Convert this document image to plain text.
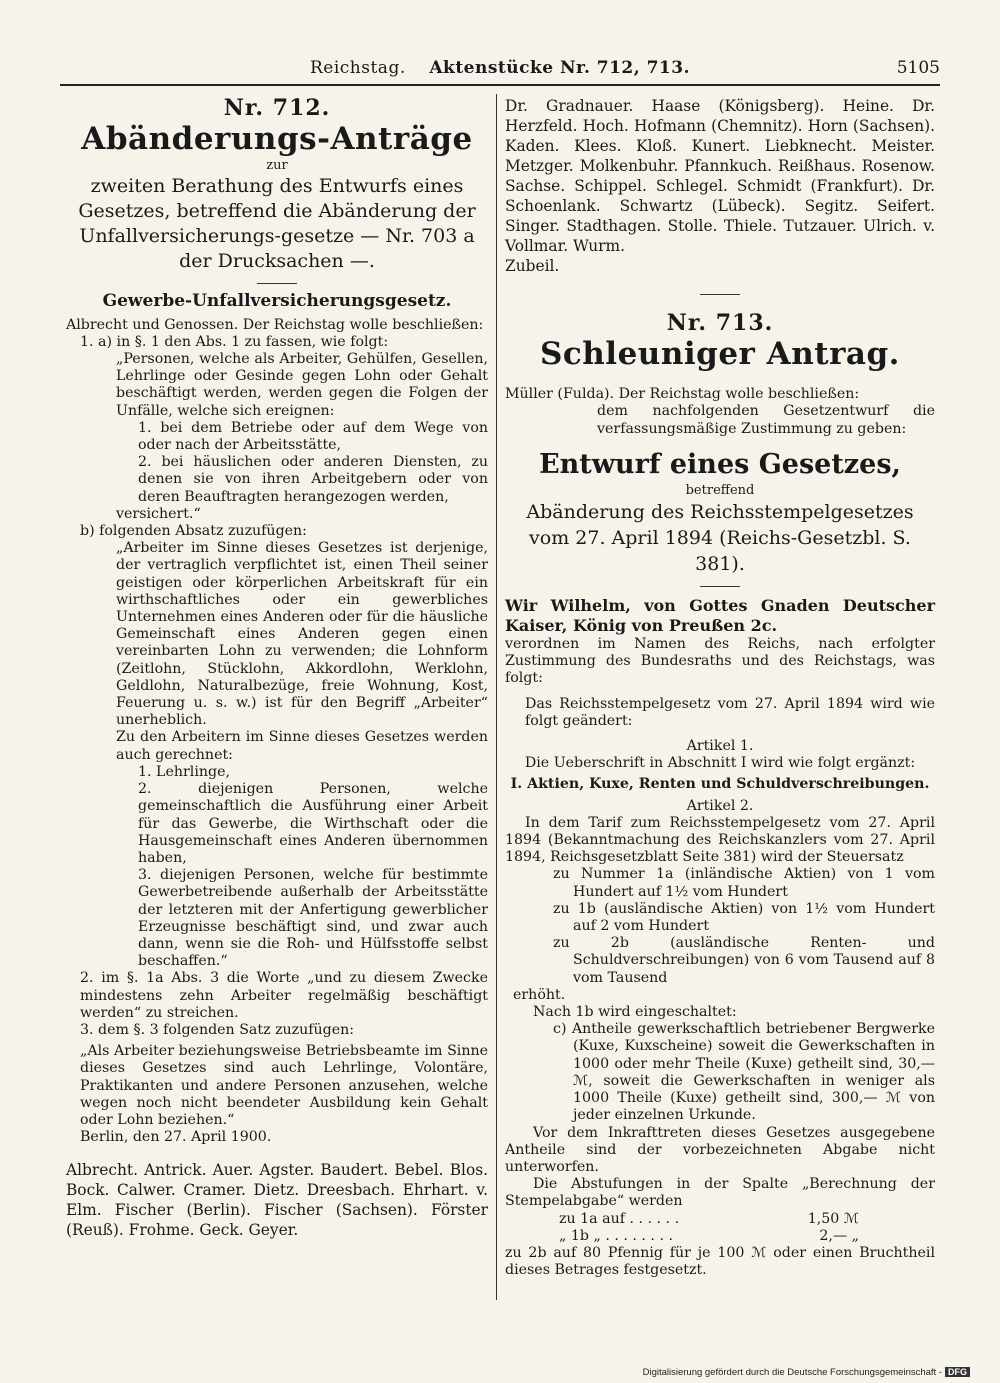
Reichstag. Aktenstücke Nr. 712, 713.	5105
Nr. 712.
Abänderungs-Anträge
zur
zweiten Berathung des Entwurfs eines Gesetzes, betreffend die Abänderung der Unfallversicherungs-gesetze — Nr. 703 a der Drucksachen —.
Gewerbe-Unfallversicherungsgesetz.

Albrecht und Genossen. Der Reichstag wolle beschließen:

1. a) in §. 1 den Abs. 1 zu fassen, wie folgt:

„Personen, welche als Arbeiter, Gehülfen, Gesellen, Lehrlinge oder Gesinde gegen Lohn oder Gehalt beschäftigt werden, werden gegen die Folgen der Unfälle, welche sich ereignen:

1. bei dem Betriebe oder auf dem Wege von oder nach der Arbeitsstätte,

2. bei häuslichen oder anderen Diensten, zu denen sie von ihren Arbeitgebern oder von deren Beauftragten herangezogen werden,

versichert.“

b) folgenden Absatz zuzufügen:

„Arbeiter im Sinne dieses Gesetzes ist derjenige, der vertraglich verpflichtet ist, einen Theil seiner geistigen oder körperlichen Arbeitskraft für ein wirthschaftliches oder ein gewerbliches Unternehmen eines Anderen oder für die häusliche Gemeinschaft eines Anderen gegen einen vereinbarten Lohn zu verwenden; die Lohnform (Zeitlohn, Stücklohn, Akkordlohn, Werklohn, Geldlohn, Naturalbezüge, freie Wohnung, Kost, Feuerung u. s. w.) ist für den Begriff „Arbeiter“ unerheblich.

Zu den Arbeitern im Sinne dieses Gesetzes werden auch gerechnet:

1. Lehrlinge,

2. diejenigen Personen, welche gemeinschaftlich die Ausführung einer Arbeit für das Gewerbe, die Wirthschaft oder die Hausgemeinschaft eines Anderen übernommen haben,

3. diejenigen Personen, welche für bestimmte Gewerbetreibende außerhalb der Arbeitsstätte der letzteren mit der Anfertigung gewerblicher Erzeugnisse beschäftigt sind, und zwar auch dann, wenn sie die Roh- und Hülfsstoffe selbst beschaffen.“

2. im §. 1a Abs. 3 die Worte „und zu diesem Zwecke mindestens zehn Arbeiter regelmäßig beschäftigt werden“ zu streichen.

3. dem §. 3 folgenden Satz zuzufügen:

„Als Arbeiter beziehungsweise Betriebsbeamte im Sinne dieses Gesetzes sind auch Lehrlinge, Volontäre, Praktikanten und andere Personen anzusehen, welche wegen noch nicht beendeter Ausbildung kein Gehalt oder Lohn beziehen.“

Berlin, den 27. April 1900.

Albrecht. Antrick. Auer. Agster. Baudert. Bebel. Blos. Bock. Calwer. Cramer. Dietz. Dreesbach. Ehrhart. v. Elm. Fischer (Berlin). Fischer (Sachsen). Förster (Reuß). Frohme. Geck. Geyer.
Dr. Gradnauer. Haase (Königsberg). Heine. Dr. Herzfeld. Hoch. Hofmann (Chemnitz). Horn (Sachsen). Kaden. Klees. Kloß. Kunert. Liebknecht. Meister. Metzger. Molkenbuhr. Pfannkuch. Reißhaus. Rosenow. Sachse. Schippel. Schlegel. Schmidt (Frankfurt). Dr. Schoenlank. Schwartz (Lübeck). Segitz. Seifert. Singer. Stadthagen. Stolle. Thiele. Tutzauer. Ulrich. v. Vollmar. Wurm.
Zubeil.
Nr. 713.
Schleuniger Antrag.

Müller (Fulda). Der Reichstag wolle beschließen:

dem nachfolgenden Gesetzentwurf die verfassungsmäßige Zustimmung zu geben:

Entwurf eines Gesetzes,
betreffend
Abänderung des Reichsstempelgesetzes vom 27. April 1894 (Reichs-Gesetzbl. S. 381).

Wir Wilhelm, von Gottes Gnaden Deutscher Kaiser, König von Preußen 2c.

verordnen im Namen des Reichs, nach erfolgter Zustimmung des Bundesraths und des Reichstags, was folgt:

Das Reichsstempelgesetz vom 27. April 1894 wird wie folgt geändert:

Artikel 1.
Die Ueberschrift in Abschnitt I wird wie folgt ergänzt:
I. Aktien, Kuxe, Renten und Schuldverschreibungen.
Artikel 2.

In dem Tarif zum Reichsstempelgesetz vom 27. April 1894 (Bekanntmachung des Reichskanzlers vom 27. April 1894, Reichsgesetzblatt Seite 381) wird der Steuersatz

zu Nummer 1a (inländische Aktien) von 1 vom Hundert auf 1½ vom Hundert

zu 1b (ausländische Aktien) von 1½ vom Hundert auf 2 vom Hundert

zu 2b (ausländische Renten- und Schuldverschreibungen) von 6 vom Tausend auf 8 vom Tausend

erhöht.

Nach 1b wird eingeschaltet:

c) Antheile gewerkschaftlich betriebener Bergwerke (Kuxe, Kuxscheine) soweit die Gewerkschaften in 1000 oder mehr Theile (Kuxe) getheilt sind, 30,— ℳ, soweit die Gewerkschaften in weniger als 1000 Theile (Kuxe) getheilt sind, 300,— ℳ von jeder einzelnen Urkunde.

Vor dem Inkrafttreten dieses Gesetzes ausgegebene Antheile sind der vorbezeichneten Abgabe nicht unterworfen.

Die Abstufungen in der Spalte „Berechnung der Stempelabgabe“ werden

zu 1a auf . . . . . .	1,50 ℳ
„ 1b „ . . . . . . . .	2,— „

zu 2b auf 80 Pfennig für je 100 ℳ oder einen Bruchtheil dieses Betrages festgesetzt.

Digitalisierung gefördert durch die Deutsche Forschungsgemeinschaft - DFG
